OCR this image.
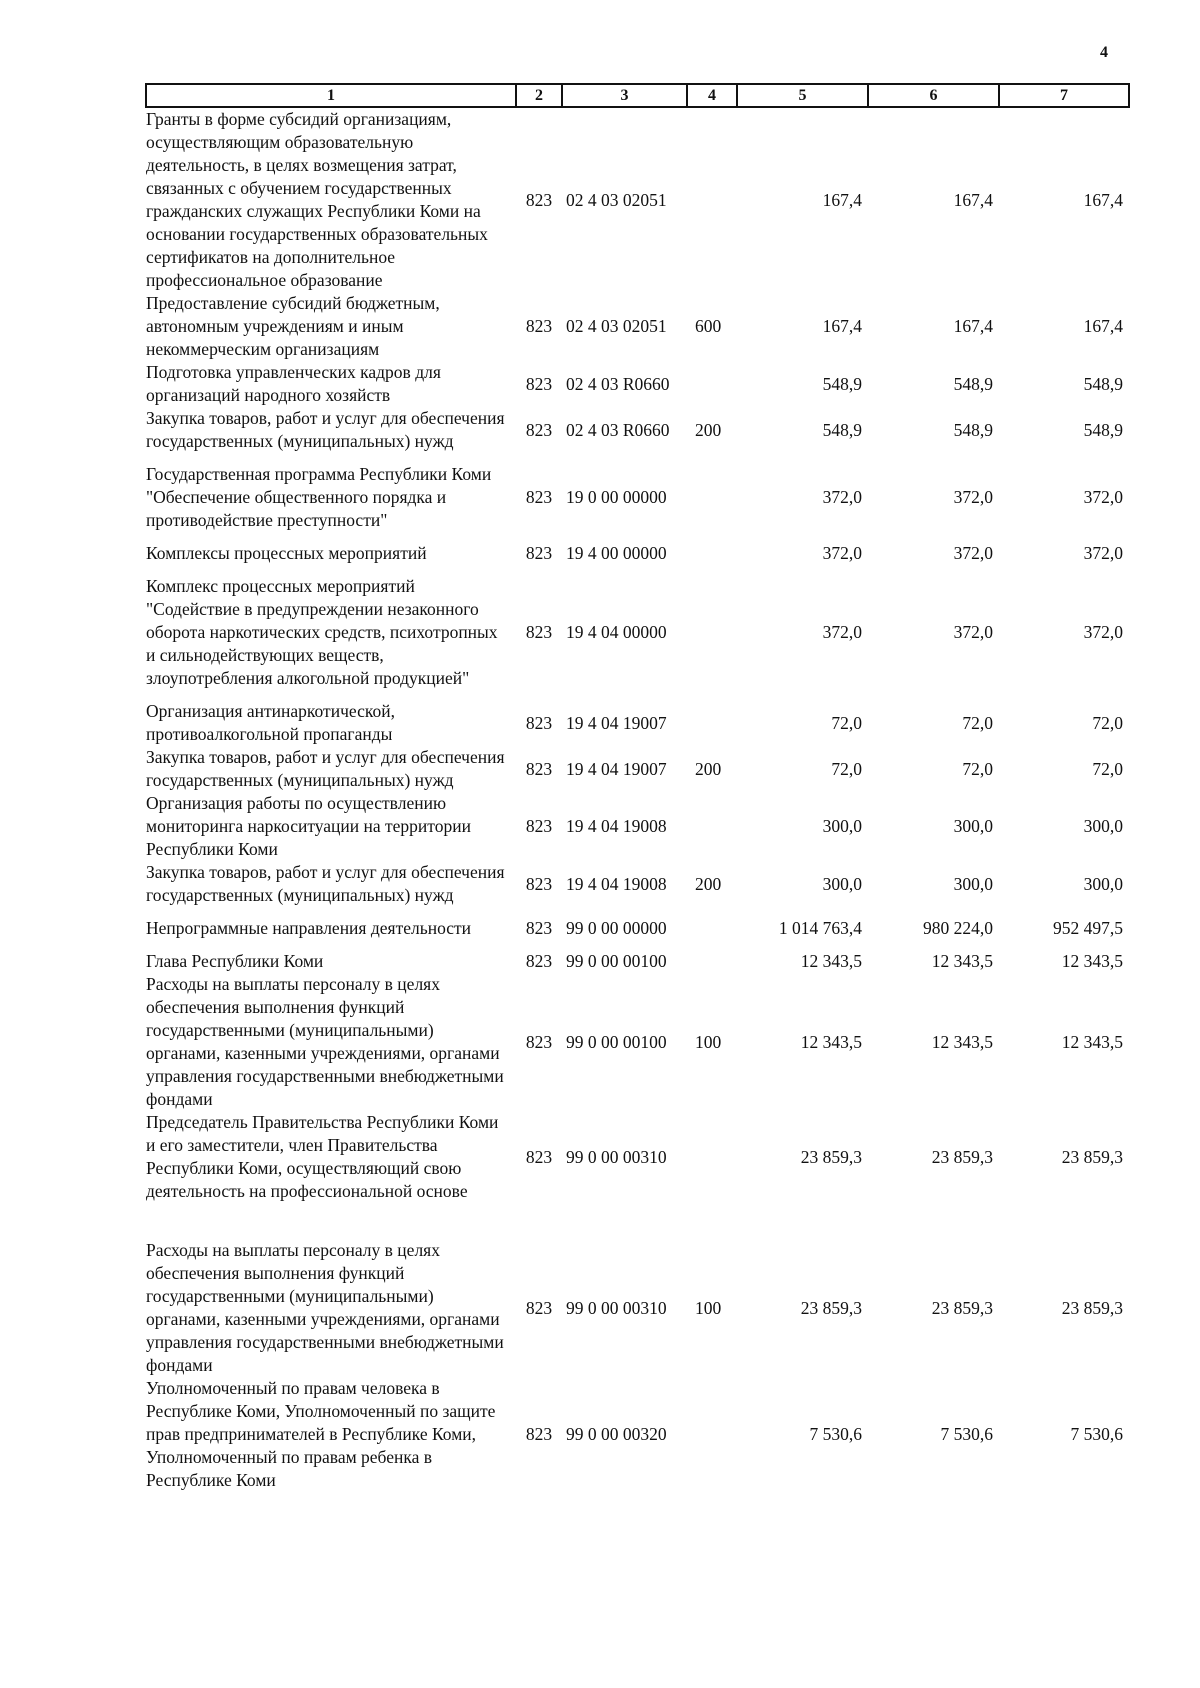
4
1	2	3	4	5	6	7
Гранты в форме субсидий организациям, осуществляющим образовательную деятельность, в целях возмещения затрат, связанных с обучением государственных гражданских служащих Республики Коми на основании государственных образовательных сертификатов на дополнительное профессиональное образование	823	02 4 03 02051		167,4	167,4	167,4
Предоставление субсидий бюджетным, автономным учреждениям и иным некоммерческим организациям	823	02 4 03 02051	600	167,4	167,4	167,4
Подготовка управленческих кадров для организаций народного хозяйств	823	02 4 03 R0660		548,9	548,9	548,9
Закупка товаров, работ и услуг для обеспечения государственных (муниципальных) нужд	823	02 4 03 R0660	200	548,9	548,9	548,9
Государственная программа Республики Коми "Обеспечение общественного порядка и противодействие преступности"	823	19 0 00 00000		372,0	372,0	372,0
Комплексы процессных мероприятий	823	19 4 00 00000		372,0	372,0	372,0
Комплекс процессных мероприятий "Содействие в предупреждении незаконного оборота наркотических средств, психотропных и сильнодействующих веществ, злоупотребления алкогольной продукцией"	823	19 4 04 00000		372,0	372,0	372,0
Организация антинаркотической, противоалкогольной пропаганды	823	19 4 04 19007		72,0	72,0	72,0
Закупка товаров, работ и услуг для обеспечения государственных (муниципальных) нужд	823	19 4 04 19007	200	72,0	72,0	72,0
Организация работы по осуществлению мониторинга наркоситуации на территории Республики Коми	823	19 4 04 19008		300,0	300,0	300,0
Закупка товаров, работ и услуг для обеспечения государственных (муниципальных) нужд	823	19 4 04 19008	200	300,0	300,0	300,0
Непрограммные направления деятельности	823	99 0 00 00000		1 014 763,4	980 224,0	952 497,5
Глава Республики Коми	823	99 0 00 00100		12 343,5	12 343,5	12 343,5
Расходы на выплаты персоналу в целях обеспечения выполнения функций государственными (муниципальными) органами, казенными учреждениями, органами управления государственными внебюджетными фондами	823	99 0 00 00100	100	12 343,5	12 343,5	12 343,5
Председатель Правительства Республики Коми и его заместители, член Правительства Республики Коми, осуществляющий свою деятельность на профессиональной основе	823	99 0 00 00310		23 859,3	23 859,3	23 859,3
Расходы на выплаты персоналу в целях обеспечения выполнения функций государственными (муниципальными) органами, казенными учреждениями, органами управления государственными внебюджетными фондами	823	99 0 00 00310	100	23 859,3	23 859,3	23 859,3
Уполномоченный по правам человека в Республике Коми, Уполномоченный по защите прав предпринимателей в Республике Коми, Уполномоченный по правам ребенка в Республике Коми	823	99 0 00 00320		7 530,6	7 530,6	7 530,6
